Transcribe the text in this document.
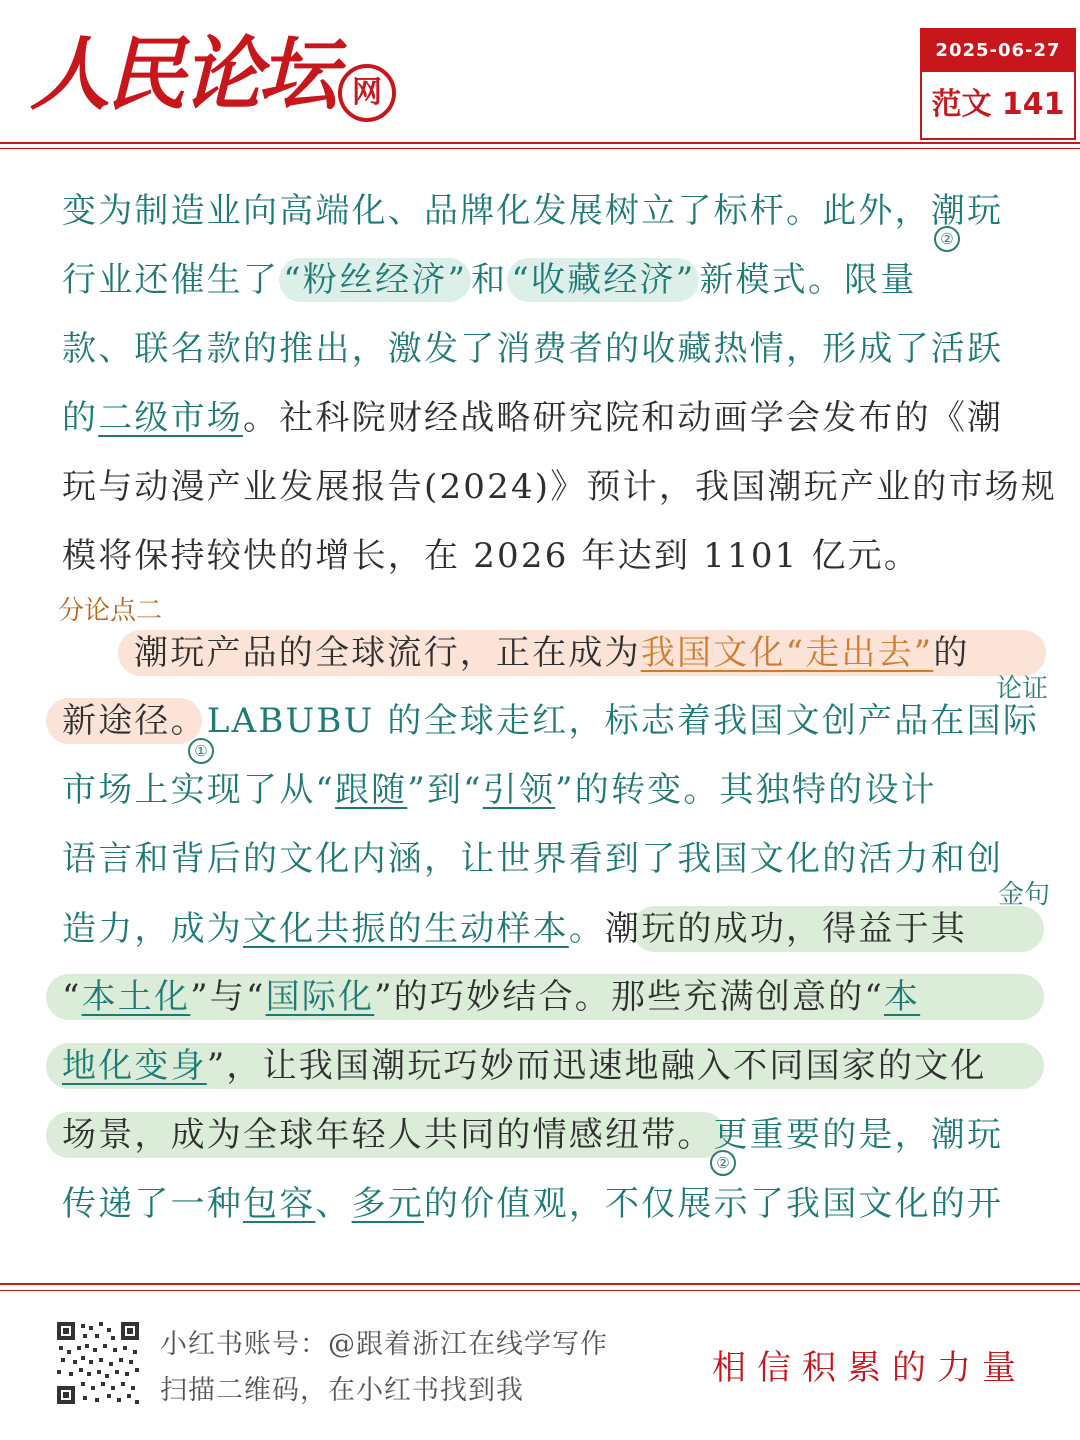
人民论坛 网
2025-06-27
范文 141
变为制造业向高端化、品牌化发展树立了标杆。此外，潮玩
行业还催生了 “粉丝经济” 和 “收藏经济” 新模式。限量
款、联名款的推出，激发了消费者的收藏热情，形成了活跃
的二级市场。社科院财经战略研究院和动画学会发布的《潮
玩与动漫产业发展报告(2024)》预计，我国潮玩产业的市场规
模将保持较快的增长，在 2026 年达到 1101 亿元。
潮玩产品的全球流行，正在成为我国文化“走出去”的
新途径。LABUBU 的全球走红，标志着我国文创产品在国际
市场上实现了从“跟随”到“引领”的转变。其独特的设计
语言和背后的文化内涵，让世界看到了我国文化的活力和创
造力，成为文化共振的生动样本。潮玩的成功，得益于其
“本土化”与“国际化”的巧妙结合。那些充满创意的“本
地化变身”，让我国潮玩巧妙而迅速地融入不同国家的文化
场景，成为全球年轻人共同的情感纽带。更重要的是，潮玩
传递了一种包容、多元的价值观，不仅展示了我国文化的开
分论点二
论证
金句
②
①
②
小红书账号：@跟着浙江在线学写作
扫描二维码，在小红书找到我
相信积累的力量
